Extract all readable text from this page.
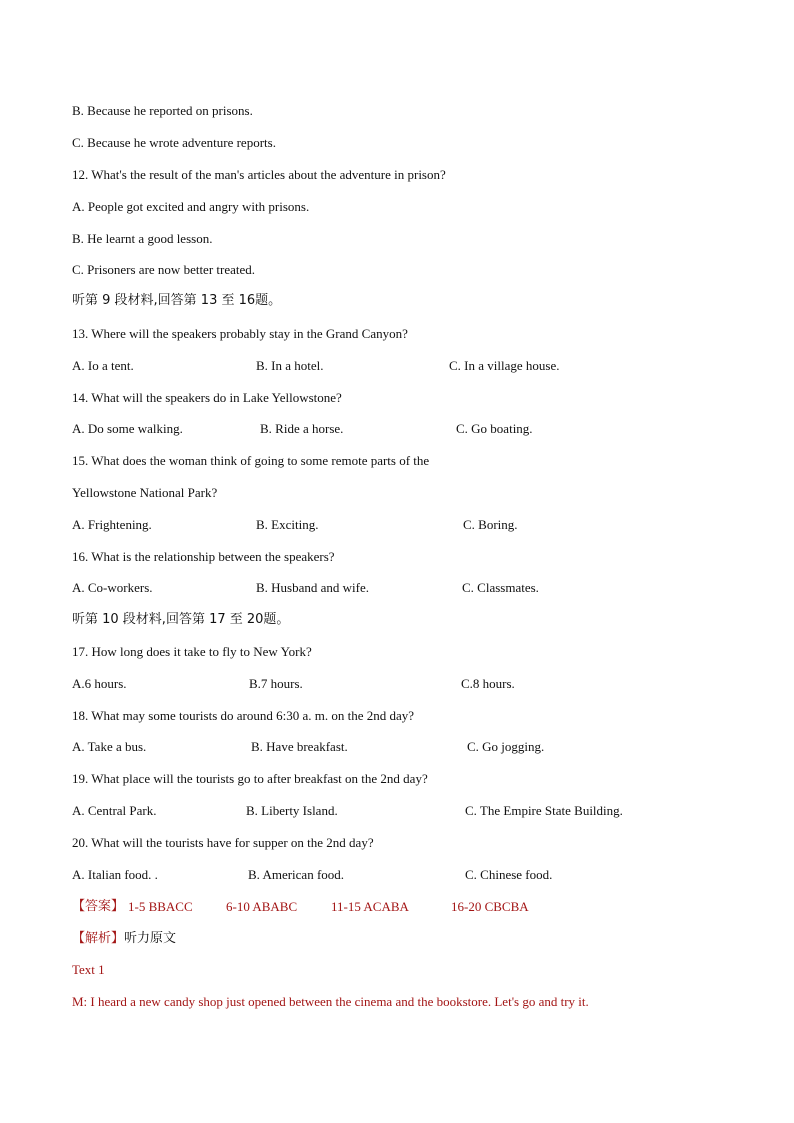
B. Because he reported on prisons.
C. Because he wrote adventure reports.
12. What's the result of the man's articles about the adventure in prison?
A. People got excited and angry with prisons.
B. He learnt a good lesson.
C. Prisoners are now better treated.
听第 9 段材料,回答第 13 至 16题。
13. Where will the speakers probably stay in the Grand Canyon?
A. Io a tent.	B. In a hotel.	C. In a village house.
14. What will the speakers do in Lake Yellowstone?
A. Do some walking.	B. Ride a horse.	C. Go boating.
15. What does the woman think of going to some remote parts of the
Yellowstone National Park?
A. Frightening.	B. Exciting.	C. Boring.
16. What is the relationship between the speakers?
A. Co-workers.	B. Husband and wife.	C. Classmates.
听第 10 段材料,回答第 17 至 20题。
17. How long does it take to fly to New York?
A.6 hours.	B.7 hours.	C.8 hours.
18. What may some tourists do around 6:30 a. m. on the 2nd day?
A. Take a bus.	B. Have breakfast.	C. Go jogging.
19. What place will the tourists go to after breakfast on the 2nd day?
A. Central Park.	B. Liberty Island.	C. The Empire State Building.
20. What will the tourists have for supper on the 2nd day?
A. Italian food. .	B. American food.	C. Chinese food.
【答案】 1-5 BBACC	6-10 ABABC	11-15 ACABA	16-20 CBCBA
【解析】听力原文
Text 1
M: I heard a new candy shop just opened between the cinema and the bookstore. Let's go and try it.
